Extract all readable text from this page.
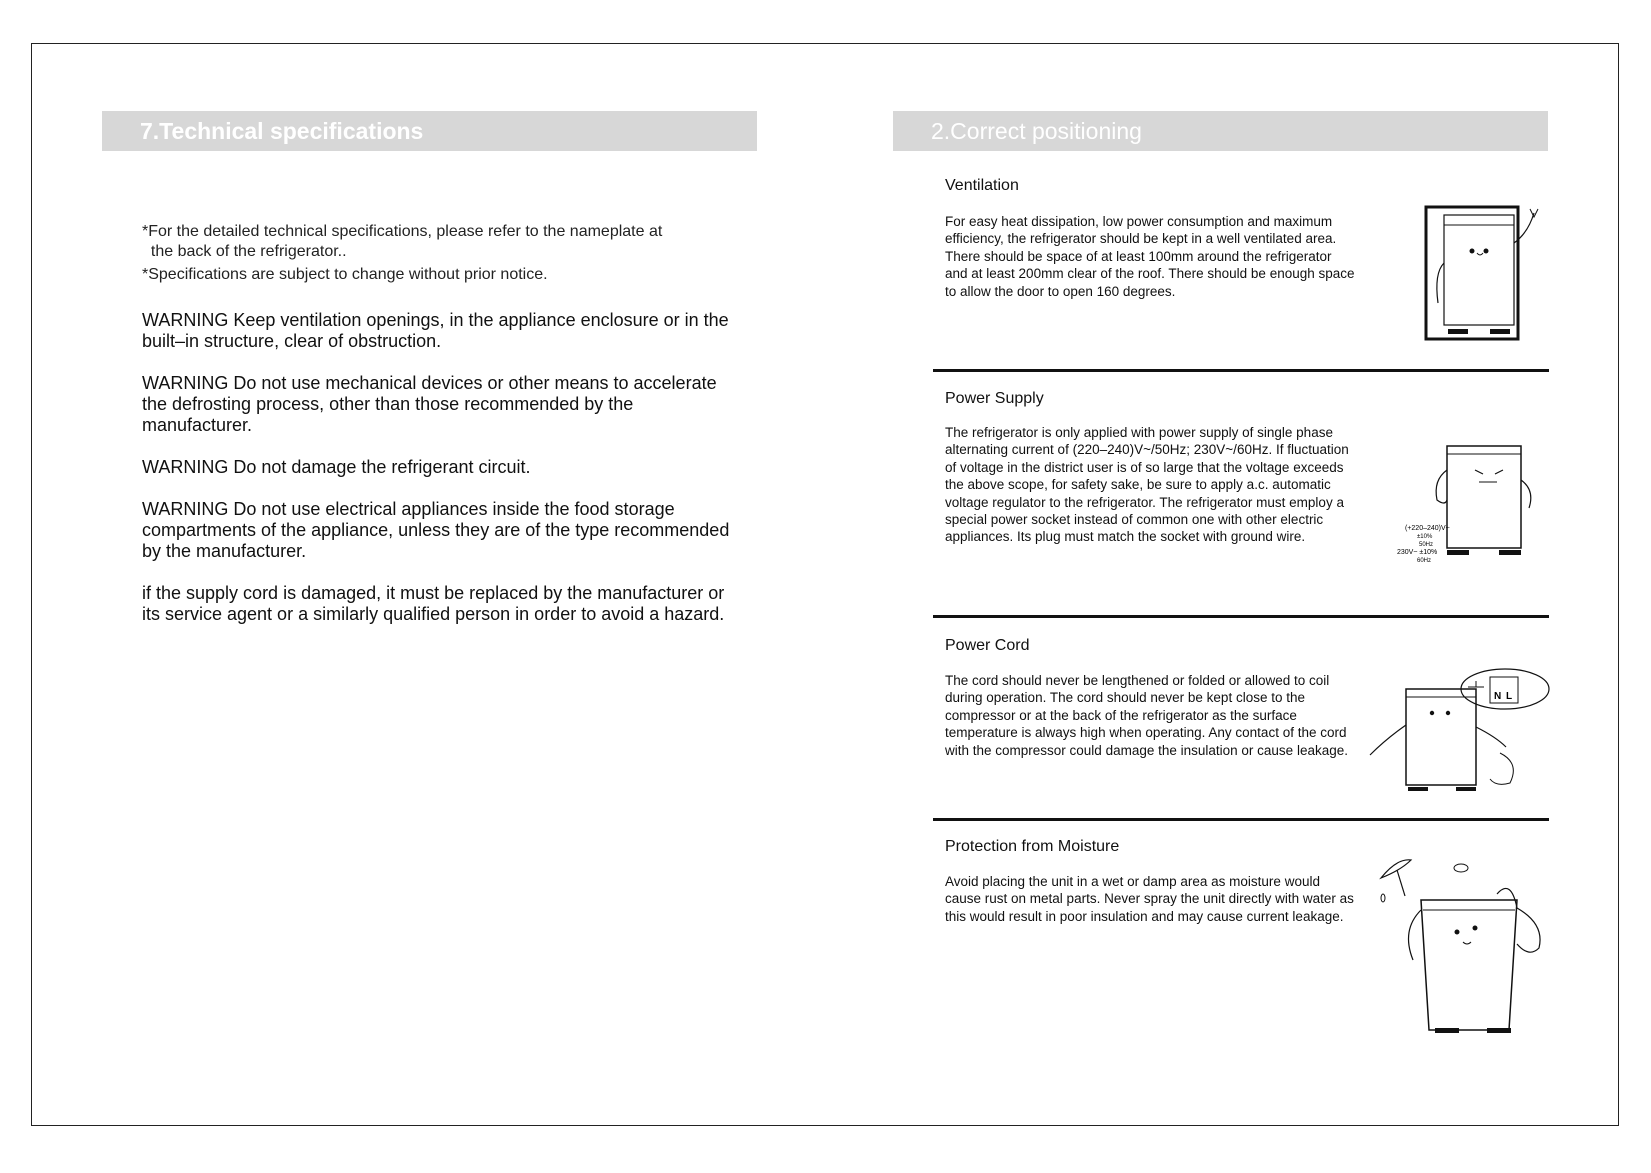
7.Technical specifications
*For the detailed technical specifications, please refer to the nameplate at
the back of the refrigerator..
*Specifications are subject to change without prior notice.
WARNING Keep ventilation openings, in the appliance enclosure or in the built–in structure, clear of obstruction.
WARNING Do not use mechanical devices or other means to accelerate the defrosting process, other than those recommended by the manufacturer.
WARNING Do not damage the refrigerant circuit.
WARNING Do not use electrical appliances inside the food storage compartments of the appliance, unless they are of the type recommended by the manufacturer.
if the supply cord is damaged, it must be replaced by the manufacturer or its service agent or a similarly qualified person in order to avoid a hazard.
2.Correct positioning
Ventilation
For easy heat dissipation, low power consumption and maximum efficiency, the refrigerator should be kept in a well ventilated area. There should be space of at least 100mm around the refrigerator and at least 200mm clear of the roof. There should be enough space to allow the door to open 160 degrees.
Power Supply
The refrigerator is only applied with power supply of single phase alternating current of (220–240)V~/50Hz; 230V~/60Hz. If fluctuation of voltage in the district user is of so large that the voltage exceeds the above scope, for safety sake, be sure to apply a.c. automatic voltage regulator to the refrigerator. The refrigerator must employ a special power socket instead of common one with other electric appliances. Its plug must match the socket with ground wire.
(+220–240)V~
±10%
50Hz
230V~ ±10%
60Hz
Power Cord
The cord should never be lengthened or folded or allowed to coil during operation. The cord should never be kept close to the compressor or at the back of the refrigerator as the surface temperature is always high when operating. Any contact of the cord with the compressor could damage the insulation or cause leakage.
N L
Protection from Moisture
Avoid placing the unit in a wet or damp area as moisture would cause rust on metal parts. Never spray the unit directly with water as this would result in poor insulation and may cause current leakage.
